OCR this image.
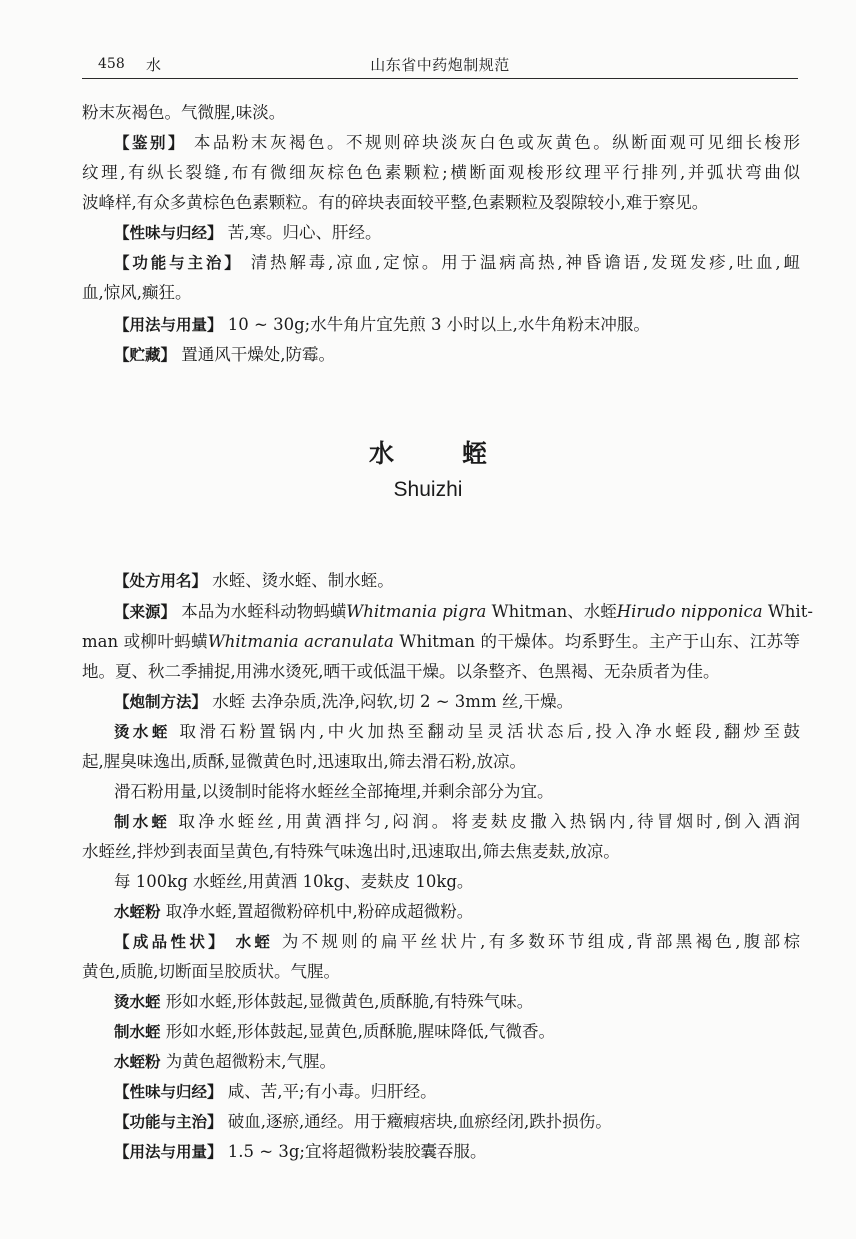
458 水	山东省中药炮制规范
粉末灰褐色。气微腥,味淡。
【鉴别】 本品粉末灰褐色。不规则碎块淡灰白色或灰黄色。纵断面观可见细长梭形
纹理,有纵长裂缝,布有微细灰棕色色素颗粒;横断面观梭形纹理平行排列,并弧状弯曲似
波峰样,有众多黄棕色色素颗粒。有的碎块表面较平整,色素颗粒及裂隙较小,难于察见。
【性味与归经】 苦,寒。归心、肝经。
【功能与主治】 清热解毒,凉血,定惊。用于温病高热,神昏谵语,发斑发疹,吐血,衄
血,惊风,癫狂。
【用法与用量】 10 ~ 30g;水牛角片宜先煎 3 小时以上,水牛角粉末冲服。
【贮藏】 置通风干燥处,防霉。
水	蛭
Shuizhi
【处方用名】 水蛭、烫水蛭、制水蛭。
【来源】 本品为水蛭科动物蚂蟥Whitmania pigra Whitman、水蛭Hirudo nipponica Whit-
man 或柳叶蚂蟥Whitmania acranulata Whitman 的干燥体。均系野生。主产于山东、江苏等
地。夏、秋二季捕捉,用沸水烫死,晒干或低温干燥。以条整齐、色黑褐、无杂质者为佳。
【炮制方法】 水蛭 去净杂质,洗净,闷软,切 2 ~ 3mm 丝,干燥。
烫水蛭 取滑石粉置锅内,中火加热至翻动呈灵活状态后,投入净水蛭段,翻炒至鼓
起,腥臭味逸出,质酥,显微黄色时,迅速取出,筛去滑石粉,放凉。
滑石粉用量,以烫制时能将水蛭丝全部掩埋,并剩余部分为宜。
制水蛭 取净水蛭丝,用黄酒拌匀,闷润。将麦麸皮撒入热锅内,待冒烟时,倒入酒润
水蛭丝,拌炒到表面呈黄色,有特殊气味逸出时,迅速取出,筛去焦麦麸,放凉。
每 100kg 水蛭丝,用黄酒 10kg、麦麸皮 10kg。
水蛭粉 取净水蛭,置超微粉碎机中,粉碎成超微粉。
【成品性状】 水蛭 为不规则的扁平丝状片,有多数环节组成,背部黑褐色,腹部棕
黄色,质脆,切断面呈胶质状。气腥。
烫水蛭 形如水蛭,形体鼓起,显微黄色,质酥脆,有特殊气味。
制水蛭 形如水蛭,形体鼓起,显黄色,质酥脆,腥味降低,气微香。
水蛭粉 为黄色超微粉末,气腥。
【性味与归经】 咸、苦,平;有小毒。归肝经。
【功能与主治】 破血,逐瘀,通经。用于癥瘕痞块,血瘀经闭,跌扑损伤。
【用法与用量】 1.5 ~ 3g;宜将超微粉装胶囊吞服。
